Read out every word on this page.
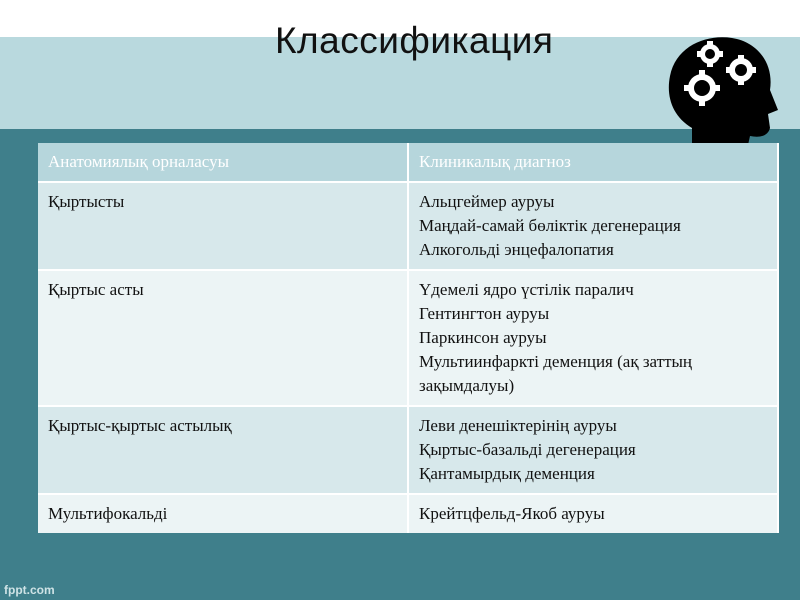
Классификация
Анатомиялық орналасуы	Клиникалық диагноз
Қыртысты	Альцгеймер ауруы
Маңдай-самай бөліктік дегенерация
Алкогольді энцефалопатия

Қыртыс асты	Үдемелі ядро үстілік паралич
Гентингтон ауруы
Паркинсон ауруы
Мультиинфарктi деменция (ақ заттың зақымдалуы)

Қыртыс-қыртыс астылық	Леви денешіктерінің ауруы
Қыртыс-базальді дегенерация
Қантамырдық деменция

Мультифокальді	Крейтцфельд-Якоб ауруы
fppt.com
